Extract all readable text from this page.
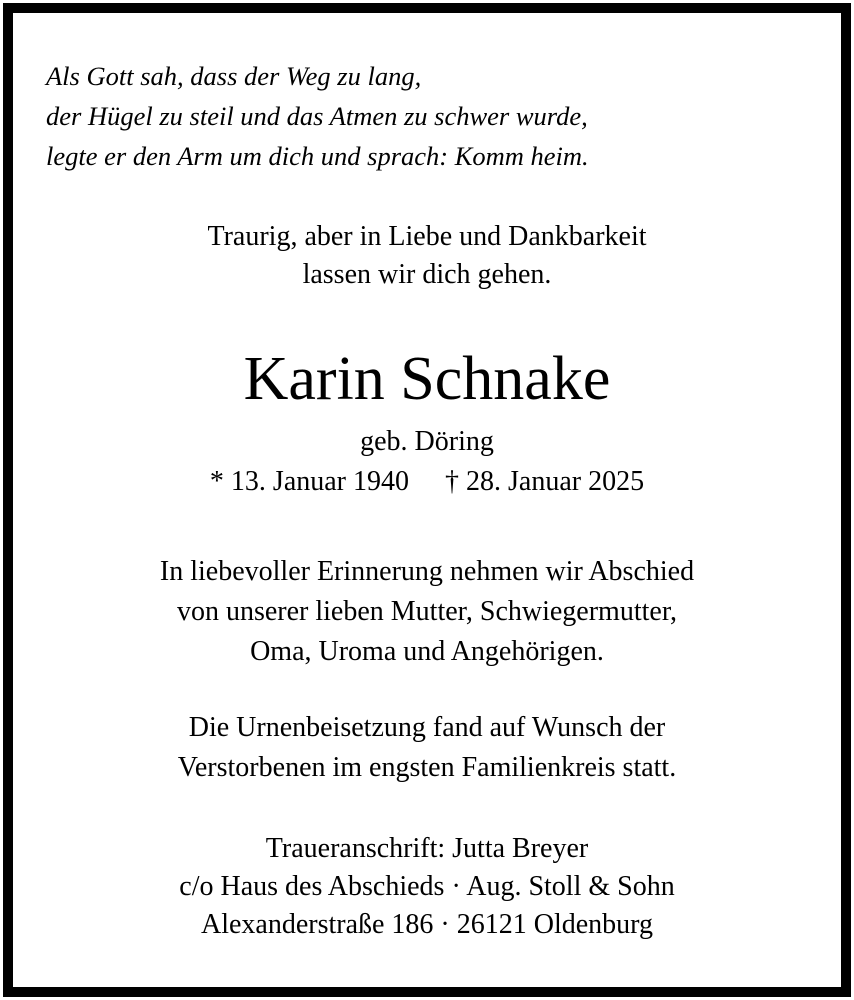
Als Gott sah, dass der Weg zu lang,
der Hügel zu steil und das Atmen zu schwer wurde,
legte er den Arm um dich und sprach: Komm heim.
Traurig, aber in Liebe und Dankbarkeit
lassen wir dich gehen.
Karin Schnake
geb. Döring
* 13. Januar 1940 † 28. Januar 2025
In liebevoller Erinnerung nehmen wir Abschied
von unserer lieben Mutter, Schwiegermutter,
Oma, Uroma und Angehörigen.
Die Urnenbeisetzung fand auf Wunsch der
Verstorbenen im engsten Familienkreis statt.
Traueranschrift: Jutta Breyer
c/o Haus des Abschieds · Aug. Stoll & Sohn
Alexanderstraße 186 · 26121 Oldenburg
